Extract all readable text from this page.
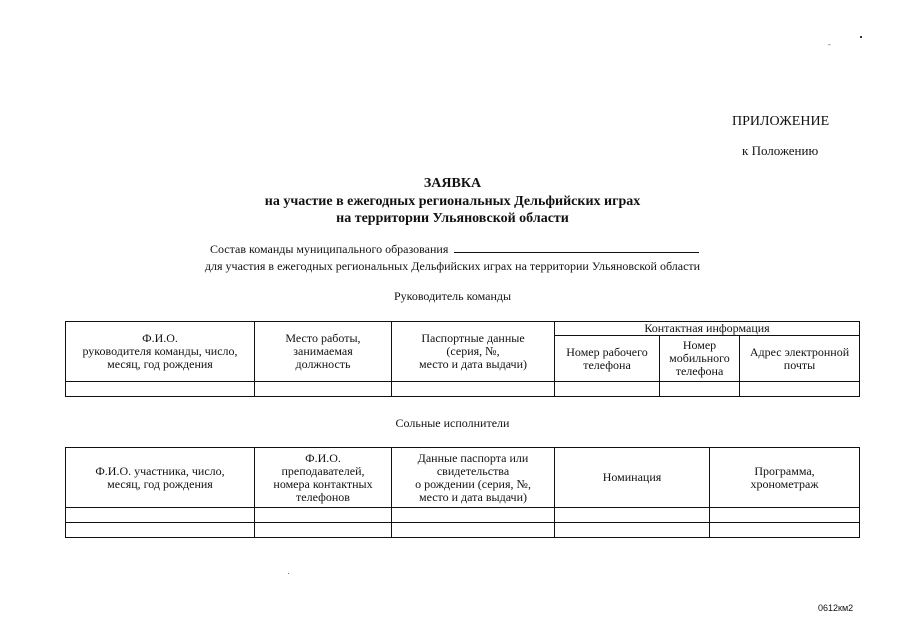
ПРИЛОЖЕНИЕ
к Положению
-
ЗАЯВКА
на участие в ежегодных региональных Дельфийских играх
на территории Ульяновской области
Состав команды муниципального образования
для участия в ежегодных региональных Дельфийских играх на территории Ульяновской области
Руководитель команды
Ф.И.О.
руководителя команды, число,
месяц, год рождения	Место работы,
занимаемая
должность	Паспортные данные
(серия, №,
место и дата выдачи)	Контактная информация		
			Номер рабочего
телефона	Номер
мобильного
телефона	Адрес электронной
почты

Сольные исполнители
Ф.И.О. участника, число,
месяц, год рождения	Ф.И.О.
преподавателей,
номера контактных
телефонов	Данные паспорта или
свидетельства
о рождении (серия, №,
место и дата выдачи)	Номинация	Программа,
хронометраж

0612км2
